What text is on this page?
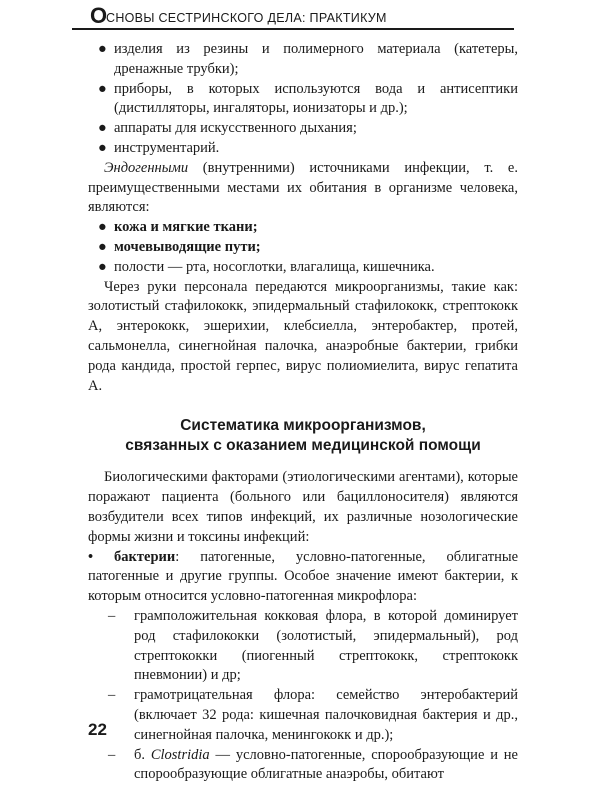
О
СНОВЫ СЕСТРИНСКОГО ДЕЛА: ПРАКТИКУМ
● изделия из резины и полимерного материала (катетеры, дренажные трубки);
● приборы, в которых используются вода и антисептики (дистилляторы, ингаляторы, ионизаторы и др.);
● аппараты для искусственного дыхания;
● инструментарий.

Эндогенными (внутренними) источниками инфекции, т. е. преимущественными местами их обитания в организме человека, являются:

● кожа и мягкие ткани;
● мочевыводящие пути;
● полости — рта, носоглотки, влагалища, кишечника.

Через руки персонала передаются микроорганизмы, такие как: золотистый стафилококк, эпидермальный стафилококк, стрептококк А, энтерококк, эшерихии, клебсиелла, энтеробактер, протей, сальмонелла, синегнойная палочка, анаэробные бактерии, грибки рода кандида, простой герпес, вирус полиомиелита, вирус гепатита А.

Систематика микроорганизмов,
связанных с оказанием медицинской помощи

Биологическими факторами (этиологическими агентами), которые поражают пациента (больного или бациллоносителя) являются возбудители всех типов инфекций, их различные нозологические формы жизни и токсины инфекций:

• бактерии: патогенные, условно-патогенные, облигатные патогенные и другие группы. Особое значение имеют бактерии, к которым относится условно-патогенная микрофлора:

– грамположительная кокковая флора, в которой доминирует род стафилококки (золотистый, эпидермальный), род стрептококки (пиогенный стрептококк, стрептококк пневмонии) и др;
– грамотрицательная флора: семейство энтеробактерий (включает 32 рода: кишечная палочковидная бактерия и др., синегнойная палочка, менингококк и др.);
– б. Clostridia — условно-патогенные, спорообразующие и не спорообразующие облигатные анаэробы, обитают
22
